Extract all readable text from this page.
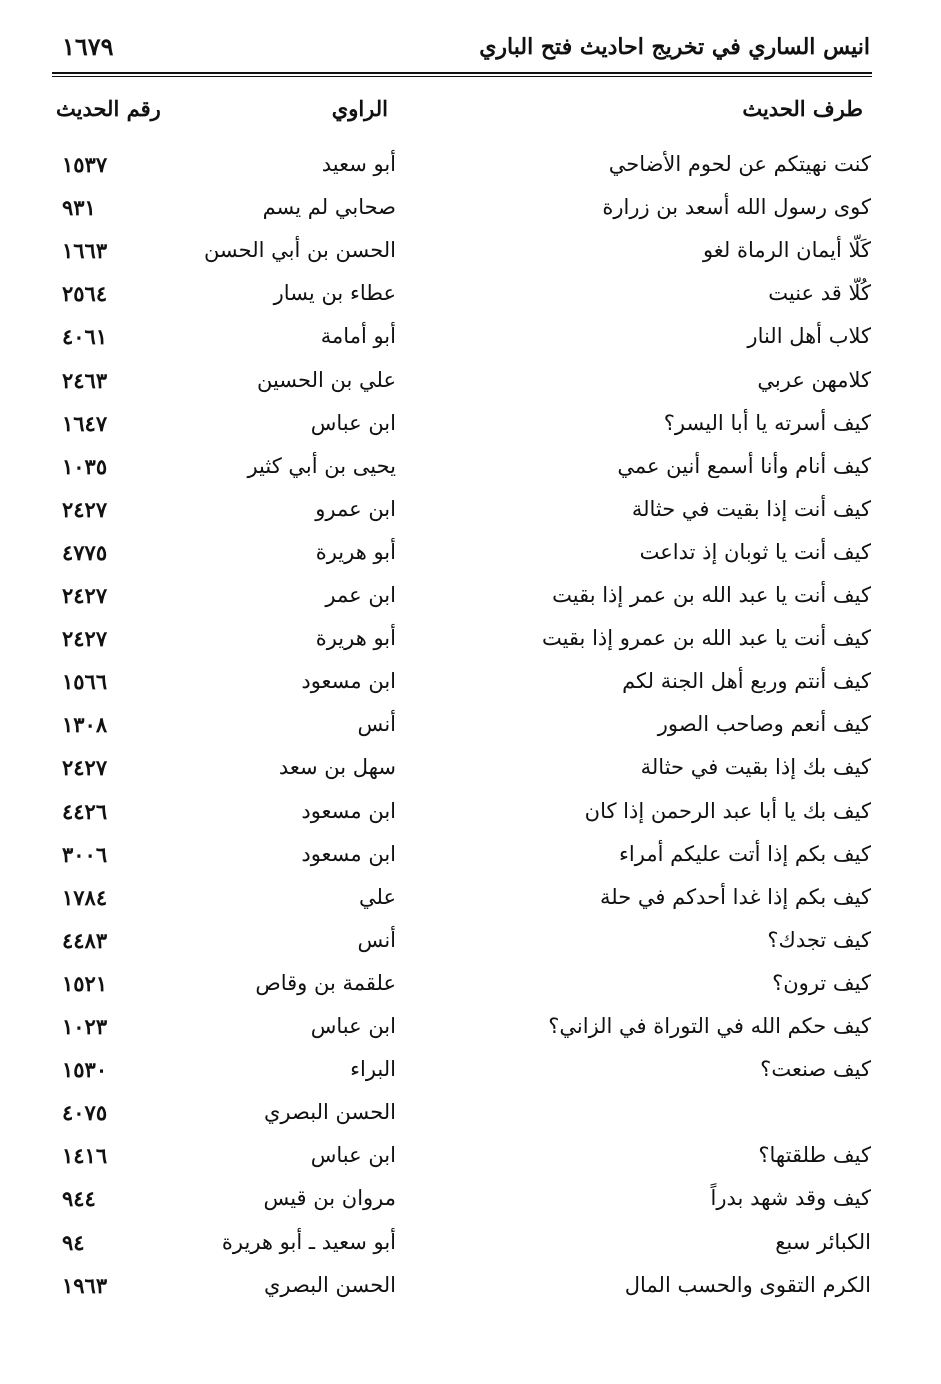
انيس الساري في تخريج احاديث فتح الباري
١٦٧٩
طرف الحديث
الراوي
رقم الحديث
كنت نهيتكم عن لحوم الأضاحي
أبو سعيد
١٥٣٧
كوى رسول الله أسعد بن زرارة
صحابي لم يسم
٩٣١
كَلّا أيمان الرماة لغو
الحسن بن أبي الحسن
١٦٦٣
كُلّا قد عنيت
عطاء بن يسار
٢٥٦٤
كلاب أهل النار
أبو أمامة
٤٠٦١
كلامهن عربي
علي بن الحسين
٢٤٦٣
كيف أسرته يا أبا اليسر؟
ابن عباس
١٦٤٧
كيف أنام وأنا أسمع أنين عمي
يحيى بن أبي كثير
١٠٣٥
كيف أنت إذا بقيت في حثالة
ابن عمرو
٢٤٢٧
كيف أنت يا ثوبان إذ تداعت
أبو هريرة
٤٧٧٥
كيف أنت يا عبد الله بن عمر إذا بقيت
ابن عمر
٢٤٢٧
كيف أنت يا عبد الله بن عمرو إذا بقيت
أبو هريرة
٢٤٢٧
كيف أنتم وربع أهل الجنة لكم
ابن مسعود
١٥٦٦
كيف أنعم وصاحب الصور
أنس
١٣٠٨
كيف بك إذا بقيت في حثالة
سهل بن سعد
٢٤٢٧
كيف بك يا أبا عبد الرحمن إذا كان
ابن مسعود
٤٤٢٦
كيف بكم إذا أتت عليكم أمراء
ابن مسعود
٣٠٠٦
كيف بكم إذا غدا أحدكم في حلة
علي
١٧٨٤
كيف تجدك؟
أنس
٤٤٨٣
كيف ترون؟
علقمة بن وقاص
١٥٢١
كيف حكم الله في التوراة في الزاني؟
ابن عباس
١٠٢٣
كيف صنعت؟
البراء
١٥٣٠
الحسن البصري
٤٠٧٥
كيف طلقتها؟
ابن عباس
١٤١٦
كيف وقد شهد بدراً
مروان بن قيس
٩٤٤
الكبائر سبع
أبو سعيد ـ أبو هريرة
٩٤
الكرم التقوى والحسب المال
الحسن البصري
١٩٦٣
